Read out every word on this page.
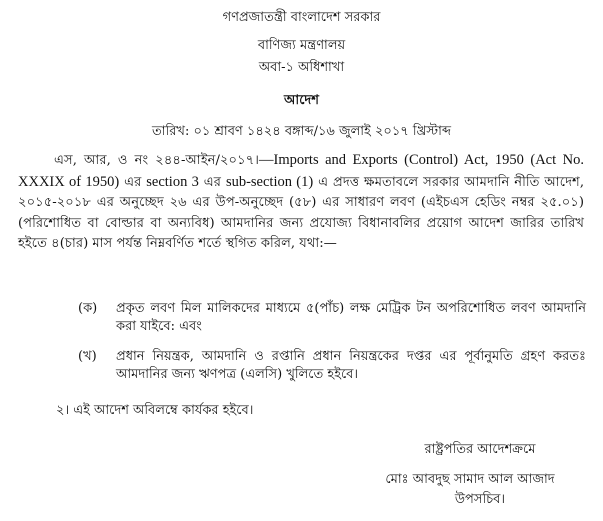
গণপ্রজাতন্ত্রী বাংলাদেশ সরকার
বাণিজ্য মন্ত্রণালয়
অবা-১ অধিশাখা
আদেশ
তারিখ: ০১ শ্রাবণ ১৪২৪ বঙ্গাব্দ/১৬ জুলাই ২০১৭ খ্রিস্টাব্দ
এস, আর, ও নং ২৪৪-আইন/২০১৭।—Imports and Exports (Control) Act, 1950 (Act No. XXXIX of 1950) এর section 3 এর sub-section (1) এ প্রদত্ত ক্ষমতাবলে সরকার আমদানি নীতি আদেশ, ২০১৫-২০১৮ এর অনুচ্ছেদ ২৬ এর উপ-অনুচ্ছেদ (৫৮) এর সাধারণ লবণ (এইচএস হেডিং নম্বর ২৫.০১)(পরিশোধিত বা বোল্ডার বা অন্যবিধ) আমদানির জন্য প্রযোজ্য বিধানাবলির প্রয়োগ আদেশ জারির তারিখ হইতে ৪(চার) মাস পর্যন্ত নিম্নবর্ণিত শর্তে স্থগিত করিল, যথা:—
(ক) প্রকৃত লবণ মিল মালিকদের মাধ্যমে ৫(পাঁচ) লক্ষ মেট্রিক টন অপরিশোধিত লবণ আমদানি করা যাইবে: এবং
(খ) প্রধান নিয়ন্ত্রক, আমদানি ও রপ্তানি প্রধান নিয়ন্ত্রকের দপ্তর এর পূর্বানুমতি গ্রহণ করতঃ আমদানির জন্য ঋণপত্র (এলসি) খুলিতে হইবে।
২। এই আদেশ অবিলম্বে কার্যকর হইবে।
রাষ্ট্রপতির আদেশক্রমে
মোঃ আবদুছ সামাদ আল আজাদ
উপসচিব।
